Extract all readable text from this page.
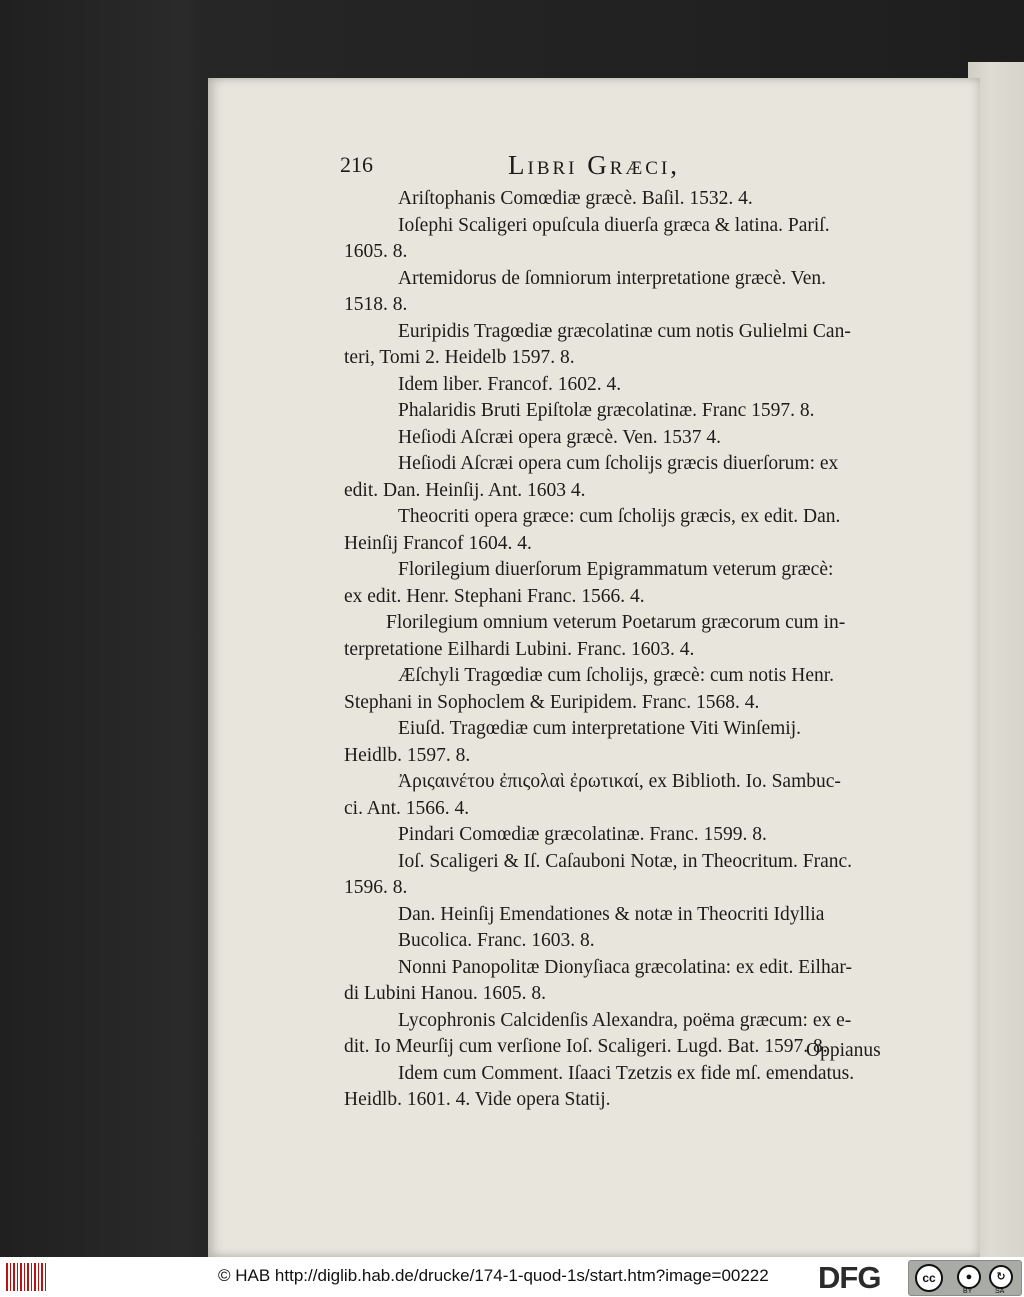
216	Libri Græci,
Ariſtophanis Comœdiæ græcè. Baſil. 1532. 4.
Ioſephi Scaligeri opuſcula diuerſa græca & latina. Pariſ.
1605. 8.
Artemidorus de ſomniorum interpretatione græcè. Ven.
1518. 8.
Euripidis Tragœdiæ græcolatinæ cum notis Gulielmi Can-
teri, Tomi 2. Heidelb 1597. 8.
Idem liber. Francof. 1602. 4.
Phalaridis Bruti Epiſtolæ græcolatinæ. Franc 1597. 8.
Heſiodi Aſcræi opera græcè. Ven. 1537 4.
Heſiodi Aſcræi opera cum ſcholijs græcis diuerſorum: ex
edit. Dan. Heinſij. Ant. 1603 4.
Theocriti opera græce: cum ſcholijs græcis, ex edit. Dan.
Heinſij Francof 1604. 4.
Florilegium diuerſorum Epigrammatum veterum græcè:
ex edit. Henr. Stephani Franc. 1566. 4.
Florilegium omnium veterum Poetarum græcorum cum in-
terpretatione Eilhardi Lubini. Franc. 1603. 4.
Æſchyli Tragœdiæ cum ſcholijs, græcè: cum notis Henr.
Stephani in Sophoclem & Euripidem. Franc. 1568. 4.
Eiuſd. Tragœdiæ cum interpretatione Viti Winſemij.
Heidlb. 1597. 8.
Ἀριςαινέτου ἐπιςολαὶ ἐρωτικαί, ex Biblioth. Io. Sambuc-
ci. Ant. 1566. 4.
Pindari Comœdiæ græcolatinæ. Franc. 1599. 8.
Ioſ. Scaligeri & Iſ. Caſauboni Notæ, in Theocritum. Franc.
1596. 8.
Dan. Heinſij Emendationes & notæ in Theocriti Idyllia
Bucolica. Franc. 1603. 8.
Nonni Panopolitæ Dionyſiaca græcolatina: ex edit. Eilhar-
di Lubini Hanou. 1605. 8.
Lycophronis Calcidenſis Alexandra, poëma græcum: ex e-
dit. Io Meurſij cum verſione Ioſ. Scaligeri. Lugd. Bat. 1597. 8.
Idem cum Comment. Iſaaci Tzetzis ex fide mſ. emendatus.
Heidlb. 1601. 4. Vide opera Statij.
Oppianus
© HAB http://diglib.hab.de/drucke/174-1-quod-1s/start.htm?image=00222 DFG	cc	●	↻
BY	SA
